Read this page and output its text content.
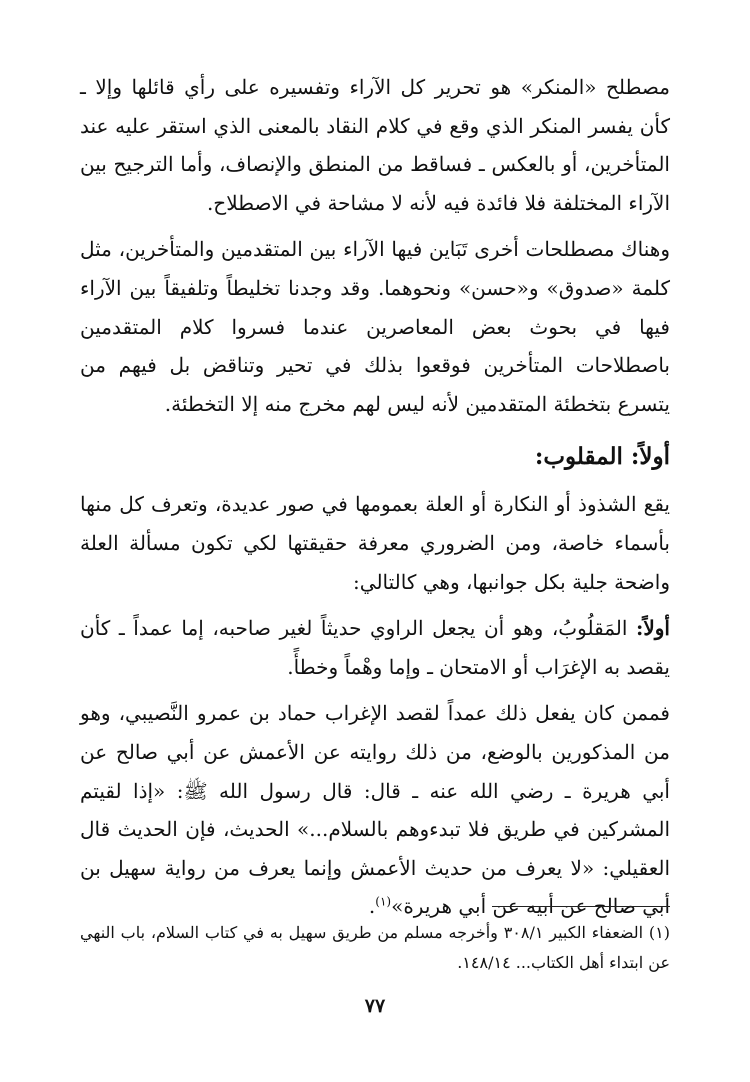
مصطلح «المنكر» هو تحرير كل الآراء وتفسيره على رأي قائلها وإلا ـ كأن يفسر المنكر الذي وقع في كلام النقاد بالمعنى الذي استقر عليه عند المتأخرين، أو بالعكس ـ فساقط من المنطق والإنصاف، وأما الترجيح بين الآراء المختلفة فلا فائدة فيه لأنه لا مشاحة في الاصطلاح.

وهناك مصطلحات أخرى تَبَاين فيها الآراء بين المتقدمين والمتأخرين، مثل كلمة «صدوق» و«حسن» ونحوهما. وقد وجدنا تخليطاً وتلفيقاً بين الآراء فيها في بحوث بعض المعاصرين عندما فسروا كلام المتقدمين باصطلاحات المتأخرين فوقعوا بذلك في تحير وتناقض بل فيهم من يتسرع بتخطئة المتقدمين لأنه ليس لهم مخرج منه إلا التخطئة.

أولاً: المقلوب:

يقع الشذوذ أو النكارة أو العلة بعمومها في صور عديدة، وتعرف كل منها بأسماء خاصة، ومن الضروري معرفة حقيقتها لكي تكون مسألة العلة واضحة جلية بكل جوانبها، وهي كالتالي:

أولاً: المَقلُوبُ، وهو أن يجعل الراوي حديثاً لغير صاحبه، إما عمداً ـ كأن يقصد به الإغرَاب أو الامتحان ـ وإما وهْماً وخطأً.

فممن كان يفعل ذلك عمداً لقصد الإغراب حماد بن عمرو النَّصيبي، وهو من المذكورين بالوضع، من ذلك روايته عن الأعمش عن أبي صالح عن أبي هريرة ـ رضي الله عنه ـ قال: قال رسول الله ﷺ: «إذا لقيتم المشركين في طريق فلا تبدءوهم بالسلام...» الحديث، فإن الحديث قال العقيلي: «لا يعرف من حديث الأعمش وإنما يعرف من رواية سهيل بن أبي صالح عن أبيه عن أبي هريرة»$^{(١)}$.

(١) الضعفاء الكبير ٣٠٨/١ وأخرجه مسلم من طريق سهيل به في كتاب السلام، باب النهي عن ابتداء أهل الكتاب... ١٤٨/١٤.

٧٧
